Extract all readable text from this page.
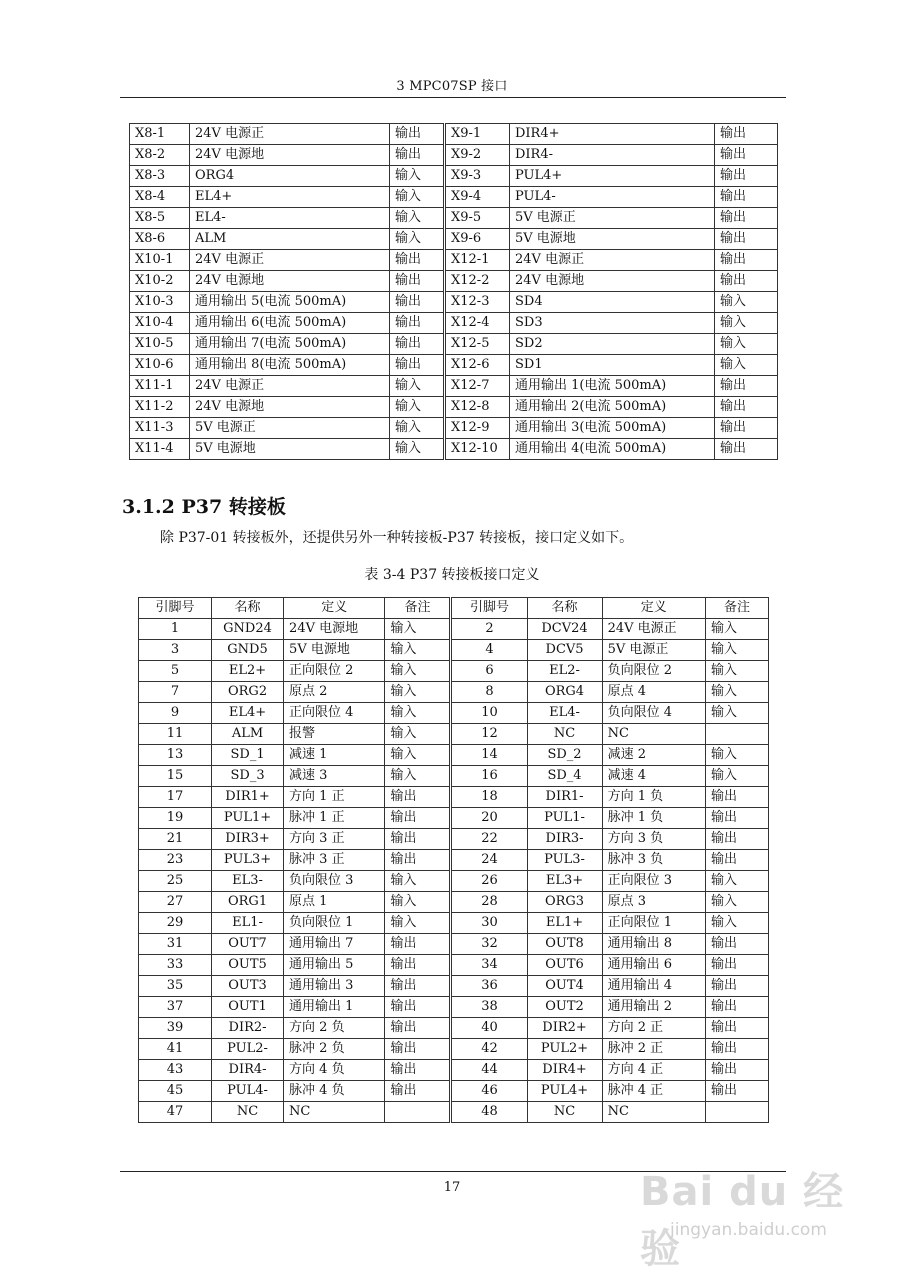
3 MPC07SP 接口
X8-1	24V 电源正	输出	X9-1	DIR4+	输出
X8-2	24V 电源地	输出	X9-2	DIR4-	输出
X8-3	ORG4	输入	X9-3	PUL4+	输出
X8-4	EL4+	输入	X9-4	PUL4-	输出
X8-5	EL4-	输入	X9-5	5V 电源正	输出
X8-6	ALM	输入	X9-6	5V 电源地	输出
X10-1	24V 电源正	输出	X12-1	24V 电源正	输出
X10-2	24V 电源地	输出	X12-2	24V 电源地	输出
X10-3	通用输出 5(电流 500mA)	输出	X12-3	SD4	输入
X10-4	通用输出 6(电流 500mA)	输出	X12-4	SD3	输入
X10-5	通用输出 7(电流 500mA)	输出	X12-5	SD2	输入
X10-6	通用输出 8(电流 500mA)	输出	X12-6	SD1	输入
X11-1	24V 电源正	输入	X12-7	通用输出 1(电流 500mA)	输出
X11-2	24V 电源地	输入	X12-8	通用输出 2(电流 500mA)	输出
X11-3	5V 电源正	输入	X12-9	通用输出 3(电流 500mA)	输出
X11-4	5V 电源地	输入	X12-10	通用输出 4(电流 500mA)	输出
3.1.2 P37 转接板
除 P37-01 转接板外，还提供另外一种转接板-P37 转接板，接口定义如下。
表 3-4 P37 转接板接口定义
引脚号	名称	定义	备注	引脚号	名称	定义	备注
1	GND24	24V 电源地	输入	2	DCV24	24V 电源正	输入
3	GND5	5V 电源地	输入	4	DCV5	5V 电源正	输入
5	EL2+	正向限位 2	输入	6	EL2-	负向限位 2	输入
7	ORG2	原点 2	输入	8	ORG4	原点 4	输入
9	EL4+	正向限位 4	输入	10	EL4-	负向限位 4	输入
11	ALM	报警	输入	12	NC	NC	
13	SD_1	减速 1	输入	14	SD_2	减速 2	输入
15	SD_3	减速 3	输入	16	SD_4	减速 4	输入
17	DIR1+	方向 1 正	输出	18	DIR1-	方向 1 负	输出
19	PUL1+	脉冲 1 正	输出	20	PUL1-	脉冲 1 负	输出
21	DIR3+	方向 3 正	输出	22	DIR3-	方向 3 负	输出
23	PUL3+	脉冲 3 正	输出	24	PUL3-	脉冲 3 负	输出
25	EL3-	负向限位 3	输入	26	EL3+	正向限位 3	输入
27	ORG1	原点 1	输入	28	ORG3	原点 3	输入
29	EL1-	负向限位 1	输入	30	EL1+	正向限位 1	输入
31	OUT7	通用输出 7	输出	32	OUT8	通用输出 8	输出
33	OUT5	通用输出 5	输出	34	OUT6	通用输出 6	输出
35	OUT3	通用输出 3	输出	36	OUT4	通用输出 4	输出
37	OUT1	通用输出 1	输出	38	OUT2	通用输出 2	输出
39	DIR2-	方向 2 负	输出	40	DIR2+	方向 2 正	输出
41	PUL2-	脉冲 2 负	输出	42	PUL2+	脉冲 2 正	输出
43	DIR4-	方向 4 负	输出	44	DIR4+	方向 4 正	输出
45	PUL4-	脉冲 4 负	输出	46	PUL4+	脉冲 4 正	输出
47	NC	NC		48	NC	NC	
17	Bai du 经验
jingyan.baidu.com
